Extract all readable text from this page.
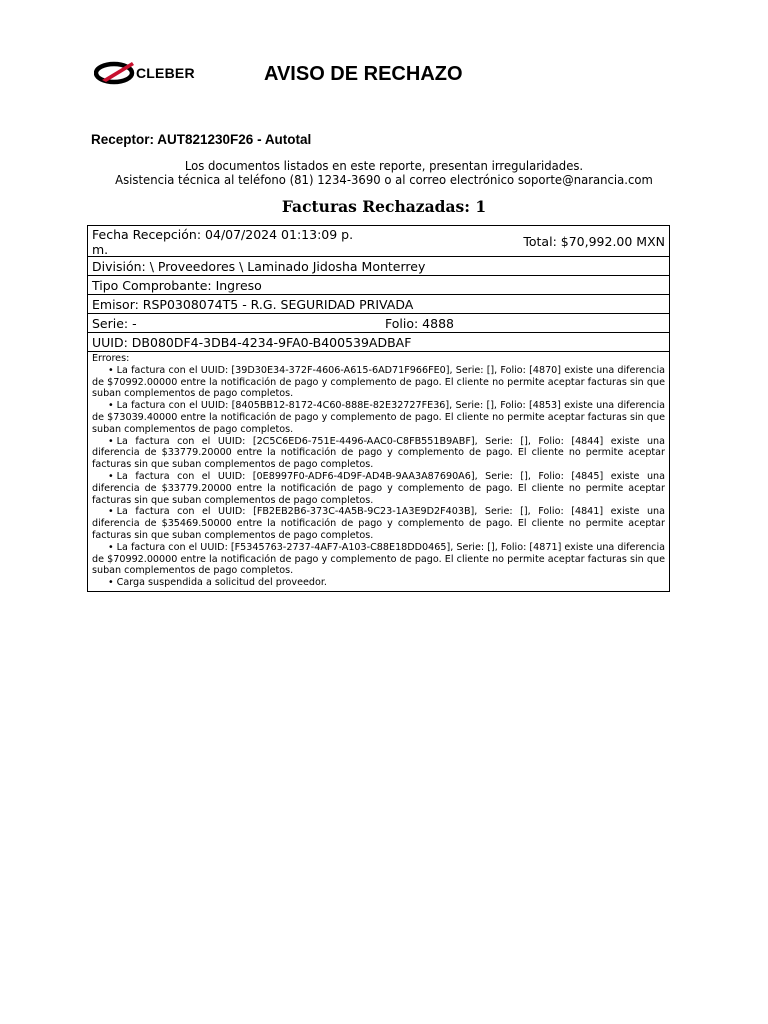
CLEBER	AVISO DE RECHAZO
Receptor: AUT821230F26 - Autotal
Los documentos listados en este reporte, presentan irregularidades.
Asistencia técnica al teléfono (81) 1234-3690 o al correo electrónico soporte@narancia.com
Facturas Rechazadas: 1
Fecha Recepción: 04/07/2024 01:13:09 p.
m.
Total: $70,992.00 MXN
División: \ Proveedores \ Laminado Jidosha Monterrey
Tipo Comprobante: Ingreso
Emisor: RSP0308074T5 - R.G. SEGURIDAD PRIVADA
Serie: -	Folio: 4888
UUID: DB080DF4-3DB4-4234-9FA0-B400539ADBAF
Errores:
• La factura con el UUID: [39D30E34-372F-4606-A615-6AD71F966FE0], Serie: [], Folio: [4870] existe una diferencia de $70992.00000 entre la notificación de pago y complemento de pago. El cliente no permite aceptar facturas sin que suban complementos de pago completos.
• La factura con el UUID: [8405BB12-8172-4C60-888E-82E32727FE36], Serie: [], Folio: [4853] existe una diferencia de $73039.40000 entre la notificación de pago y complemento de pago. El cliente no permite aceptar facturas sin que suban complementos de pago completos.
• La factura con el UUID: [2C5C6ED6-751E-4496-AAC0-C8FB551B9ABF], Serie: [], Folio: [4844] existe una diferencia de $33779.20000 entre la notificación de pago y complemento de pago. El cliente no permite aceptar facturas sin que suban complementos de pago completos.
• La factura con el UUID: [0E8997F0-ADF6-4D9F-AD4B-9AA3A87690A6], Serie: [], Folio: [4845] existe una diferencia de $33779.20000 entre la notificación de pago y complemento de pago. El cliente no permite aceptar facturas sin que suban complementos de pago completos.
• La factura con el UUID: [FB2EB2B6-373C-4A5B-9C23-1A3E9D2F403B], Serie: [], Folio: [4841] existe una diferencia de $35469.50000 entre la notificación de pago y complemento de pago. El cliente no permite aceptar facturas sin que suban complementos de pago completos.
• La factura con el UUID: [F5345763-2737-4AF7-A103-C88E18DD0465], Serie: [], Folio: [4871] existe una diferencia de $70992.00000 entre la notificación de pago y complemento de pago. El cliente no permite aceptar facturas sin que suban complementos de pago completos.
• Carga suspendida a solicitud del proveedor.
